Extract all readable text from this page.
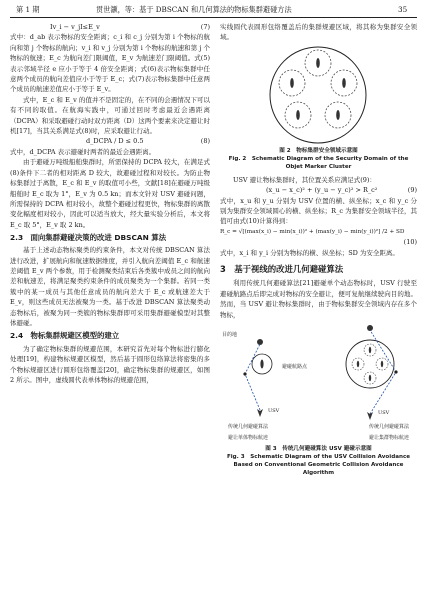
第 1 期	贯世灏，等：基于 DBSCAN 和几何算法的物标集群避碰方法	35
Ⅰv_i − v_jⅠ≤E_v	(7)

式中：d_ab 表示物标的安全距离；c_i 和 c_j 分别为第 i 个物标的航向和第 j 个物标的航向；v_i 和 v_j 分别为第 i 个物标的航速和第 j 个物标的航速；E_c 为航向差门限阈值，E_v 为航速差门限阈值。式(5)表示邻域半径 e 应小于等于 4 倍安全距离；式(6)表示物标集群中任意两个成员的航向差值应小于等于 E_c；式(7)表示物标集群中任意两个成员的航速差值应小于等于 E_v。

式中，E_c 和 E_v 的值并不是固定的，在不同的会遇情况下可以有不同的取值。在航海实践中，可通过回时考虑最近会遇距离（DCPA）和采取避碰行动时双方距离（D）这两个要素来决定避让时机[17]，当其关系满足式(8)时，应采取避让行动。

d_DCPA / D ≤ 0.5	(8)

式中，d_DCPA 表示避碰时两者的最近会遇距离。

由于避碰万吨级船舶集群时，所需保持的 DCPA 较大，在满足式(8)条件下二者的相对距离 D 较大，故避碰过程和对较长。为防止物标集群过于离散，E_c 和 E_v 的取值可小些，文献[18]在避碰万吨级船舶时 E_c 取为 1°，E_v 为 0.5 kn；而本文针对 USV 避碰问题，所需保持的 DCPA 相对较小，故整个避碰过程更快，物标集群的离散变化幅度相对较小，因此可以适当放大，经大量实验分析后，本文将 E_c 取 5°，E_v 取 2 kn。

2.3　面向集群避碰决策的改进 DBSCAN 算法

基于上述动态物标聚类的约束条件，本文对传统 DBSCAN 算法进行改进，扩展航向和航速数据维度，并引入航向差阈值 E_c 和航速差阈值 E_v 两个参数，用于检测聚类结束后各类簇中成员之间的航向差和航速差，将满足聚类约束条件的成员聚类为一个集群。若同一类簇中的某一成员与其他任意成员的航向差大于 E_c 或航速差大于 E_v，则这些成员无法被聚为一类。基于改进 DBSCAN 算法聚类动态物标后，被聚为同一类簇的物标集群即可采用集群避碰模型对其整体避碰。

2.4　物标集群规避区模型的建立

为了确定物标集群的规避范围，本研究首先对每个物标进行膨化处理[19]，构建物标规避区模型，然后基于圆形包络算法将密集的多个物标规避区进行圆形包络覆盖[20]，确定物标集群的规避区，如图 2 所示。图中，虚线圆代表单体物标的规避范围，

实线圆代表圆形包络覆盖后的集群规避区域，将其称为集群安全领域。

图 2　物标集群安全领域示意图
Fig. 2　Schematic Diagram of the Security Domain of the Objet Marker Cluster

USV 避让物标集群时，其位置关系应满足式(9)：

(x_u − x_c)² + (y_u − y_c)² > R_c²	(9)

式中，x_u 和 y_u 分别为 USV 位置的横、纵坐标；x_c 和 y_c 分别为集群安全领域圆心的横、纵坐标；R_c 为集群安全领域半径，其值可由式(10)计算得到：

R_c = √[(max(x_i) − min(x_i))² + (max(y_i) − min(y_i))²] /2 + SD
(10)

式中，x_i 和 y_i 分别为物标的横、纵坐标；SD 为安全距离。

3　基于视线的改进几何避碰算法

利用传统几何避碰算法[21]避碰单个动态物标时，USV 行驶至避碰航路点后即完成对物标的安全避让，便可复航继续驶向目的地。然而，当 USV 避让物标集群时，由于物标集群安全领域内存在多个物标，

目的地
避碰航路点
USV	USV
传统几何避碰算法
避让单体物标航迹
传统几何避碰算法
避让集群物标航迹
图 3　传统几何避碰算法 USV 避碰示意图
Fig. 3　Schematic Diagram of the USV Collision Avoidance Based on Conventional Geometric Collision Avoidance Algorithm
